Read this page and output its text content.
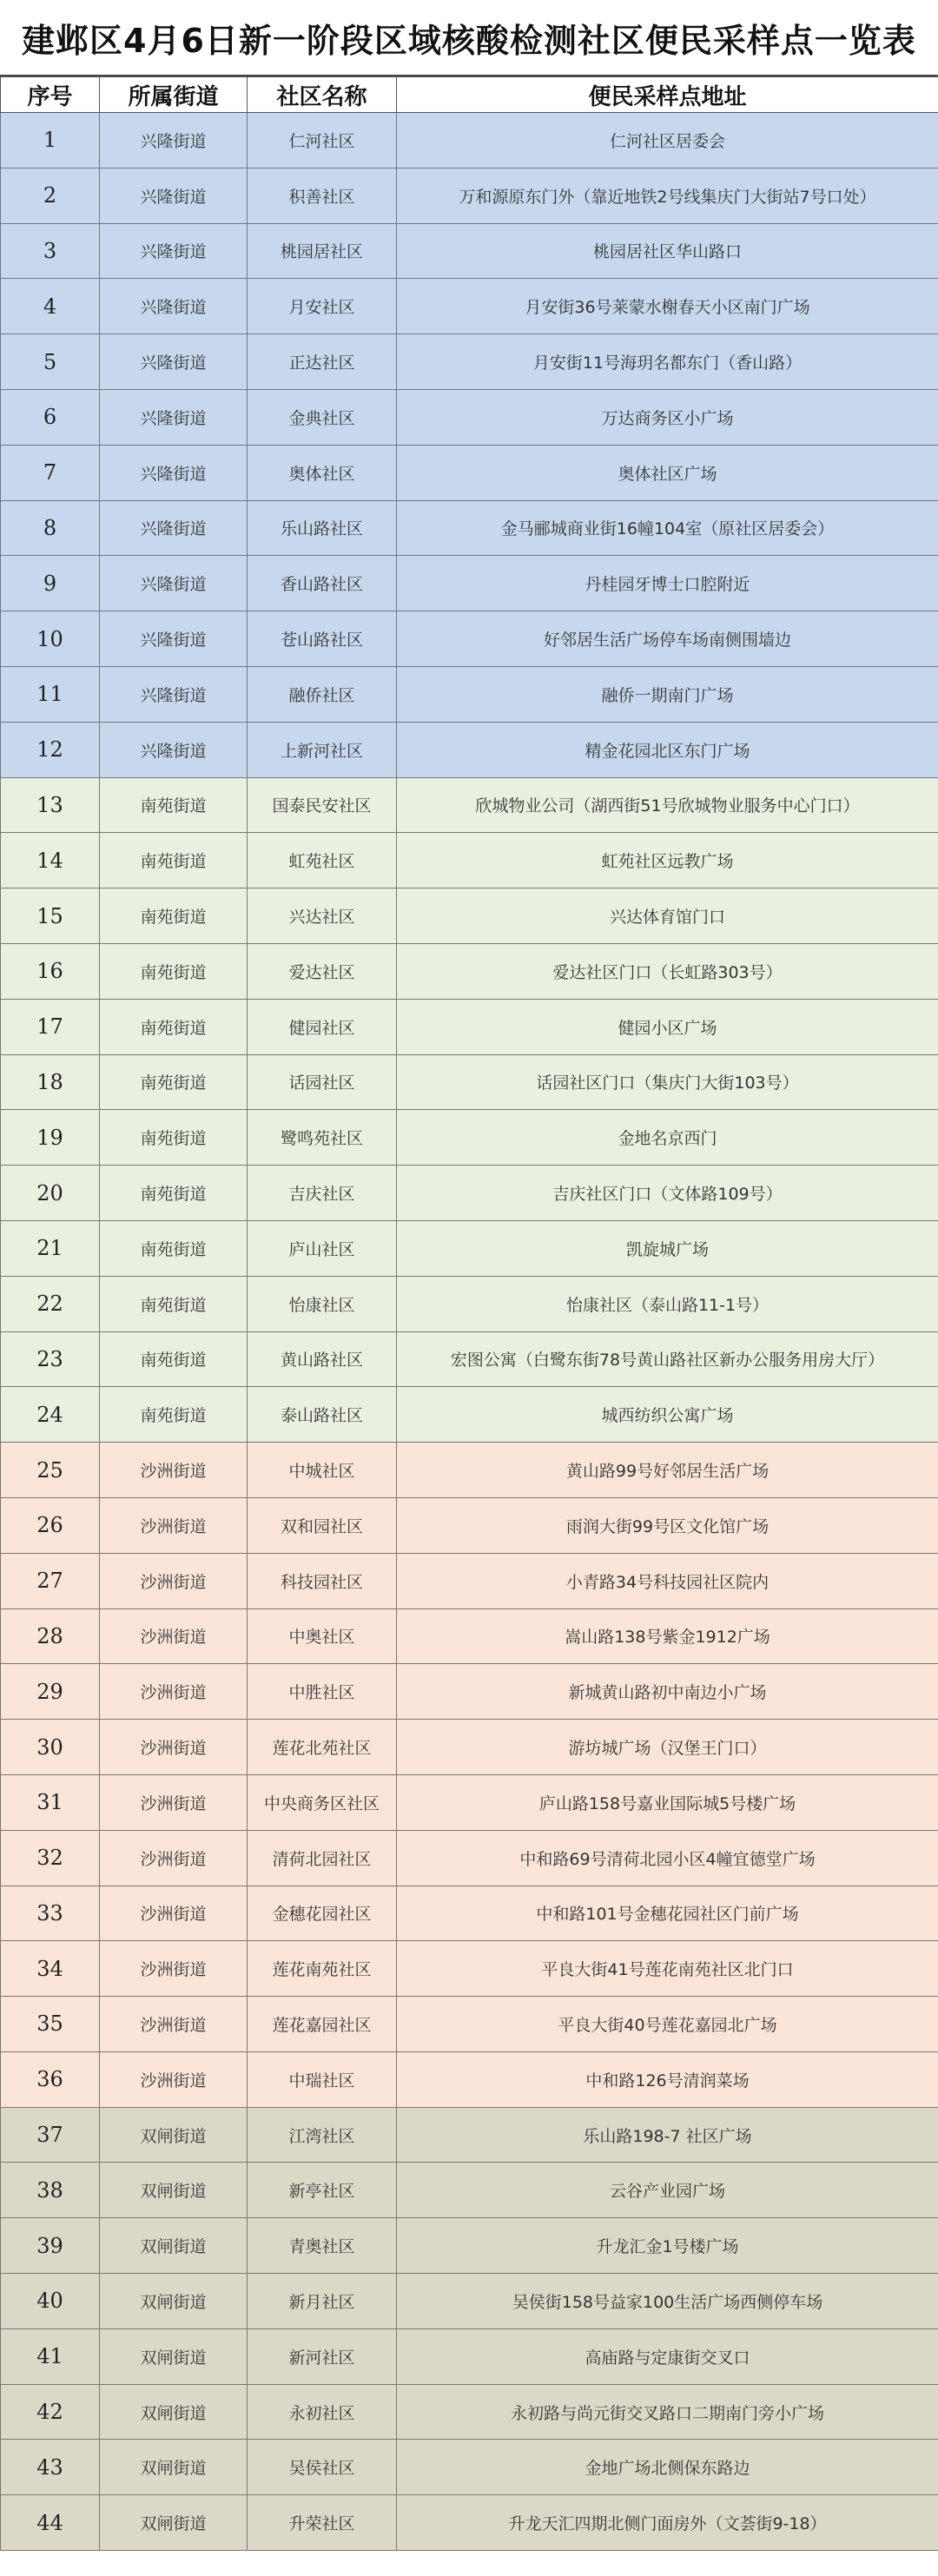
建邺区4月6日新一阶段区域核酸检测社区便民采样点一览表
序号	所属街道	社区名称	便民采样点地址
1	兴隆街道	仁河社区	仁河社区居委会
2	兴隆街道	积善社区	万和源原东门外（靠近地铁2号线集庆门大街站7号口处）
3	兴隆街道	桃园居社区	桃园居社区华山路口
4	兴隆街道	月安社区	月安街36号莱蒙水榭春天小区南门广场
5	兴隆街道	正达社区	月安街11号海玥名都东门（香山路）
6	兴隆街道	金典社区	万达商务区小广场
7	兴隆街道	奥体社区	奥体社区广场
8	兴隆街道	乐山路社区	金马郦城商业街16幢104室（原社区居委会）
9	兴隆街道	香山路社区	丹桂园牙博士口腔附近
10	兴隆街道	苍山路社区	好邻居生活广场停车场南侧围墙边
11	兴隆街道	融侨社区	融侨一期南门广场
12	兴隆街道	上新河社区	精金花园北区东门广场
13	南苑街道	国泰民安社区	欣城物业公司（湖西街51号欣城物业服务中心门口）
14	南苑街道	虹苑社区	虹苑社区远教广场
15	南苑街道	兴达社区	兴达体育馆门口
16	南苑街道	爱达社区	爱达社区门口（长虹路303号）
17	南苑街道	健园社区	健园小区广场
18	南苑街道	话园社区	话园社区门口（集庆门大街103号）
19	南苑街道	鹭鸣苑社区	金地名京西门
20	南苑街道	吉庆社区	吉庆社区门口（文体路109号）
21	南苑街道	庐山社区	凯旋城广场
22	南苑街道	怡康社区	怡康社区（泰山路11-1号）
23	南苑街道	黄山路社区	宏图公寓（白鹭东街78号黄山路社区新办公服务用房大厅）
24	南苑街道	泰山路社区	城西纺织公寓广场
25	沙洲街道	中城社区	黄山路99号好邻居生活广场
26	沙洲街道	双和园社区	雨润大街99号区文化馆广场
27	沙洲街道	科技园社区	小青路34号科技园社区院内
28	沙洲街道	中奥社区	嵩山路138号紫金1912广场
29	沙洲街道	中胜社区	新城黄山路初中南边小广场
30	沙洲街道	莲花北苑社区	游坊城广场（汉堡王门口）
31	沙洲街道	中央商务区社区	庐山路158号嘉业国际城5号楼广场
32	沙洲街道	清荷北园社区	中和路69号清荷北园小区4幢宜德堂广场
33	沙洲街道	金穗花园社区	中和路101号金穗花园社区门前广场
34	沙洲街道	莲花南苑社区	平良大街41号莲花南苑社区北门口
35	沙洲街道	莲花嘉园社区	平良大街40号莲花嘉园北广场
36	沙洲街道	中瑞社区	中和路126号清润菜场
37	双闸街道	江湾社区	乐山路198-7 社区广场
38	双闸街道	新亭社区	云谷产业园广场
39	双闸街道	青奥社区	升龙汇金1号楼广场
40	双闸街道	新月社区	吴侯街158号益家100生活广场西侧停车场
41	双闸街道	新河社区	高庙路与定康街交叉口
42	双闸街道	永初社区	永初路与尚元街交叉路口二期南门旁小广场
43	双闸街道	吴侯社区	金地广场北侧保东路边
44	双闸街道	升荣社区	升龙天汇四期北侧门面房外（文荟街9-18）
